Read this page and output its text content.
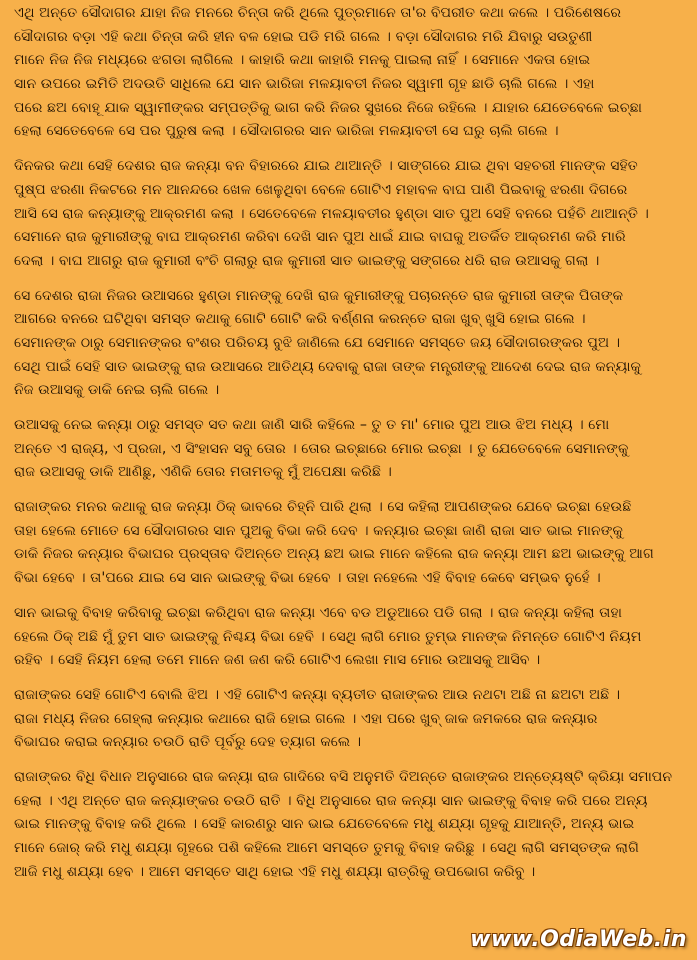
ଏଥି ଅନ୍ତେ ସୌଦାଗର ଯାହା ନିଜ ମନରେ ଚିନ୍ତା କରି ଥିଲେ ପୁତ୍ରମାନେ ତା'ର ବିପରୀତ କଥା କଲେ । ପରିଶେଷରେ

ସୌଦାଗର ବଡ଼ା ଏହି କଥା ଚିନ୍ତା କରି ହୀନ ବଳ ହୋଇ ପଡି ମରି ଗଲେ । ବଡ଼ା ସୌଦାଗର ମରି ଯିବାରୁ ସଉତୁଣୀ

ମାନେ ନିଜ ନିଜ ମଧ୍ୟରେ ଝଗଡା ଲାଗିଲେ । କାହାରି କଥା କାହାରି ମନକୁ ପାଇଲା ନାହିଁ । ସେମାନେ ଏକତା ହୋଇ

ସାନ ଉପରେ ଇମିତି ଅଦଉତି ସାଧିଲେ ଯେ ସାନ ଭାରିଜା ମଳୟାବତୀ ନିଜର ସ୍ୱାମୀ ଗୃହ ଛାଡି ଚାଲି ଗଲେ । ଏହା

ପରେ ଛଅ ବୋହୂ ଯାକ ସ୍ୱାମୀଙ୍କର ସମ୍ପତ୍ତିକୁ ଭାଗ କରି ନିଜର ସୁଖରେ ନିଜେ ରହିଲେ । ଯାହାର ଯେତେବେଳେ ଇଚ୍ଛା

ହେଲା ସେତେବେଳେ ସେ ପର ପୁରୁଷ କଲା । ସୌଦାଗରର ସାନ ଭାରିଜା ମଳୟାବତୀ ସେ ଘରୁ ଚାଲି ଗଲେ ।

ଦିନକର କଥା ସେହି ଦେଶର ରାଜ କନ୍ୟା ବନ ବିହାରରେ ଯାଇ ଥାଆନ୍ତି । ସାଙ୍ଗରେ ଯାଇ ଥିବା ସହଚରୀ ମାନଙ୍କ ସହିତ

ପୁଷ୍ପ ଝରଣା ନିକଟରେ ମନ ଆନନ୍ଦରେ ଖେଳ ଖେଳୁଥିବା ବେଳେ ଗୋଟିଏ ମହାବଳ ବାଘ ପାଣି ପିଇବାକୁ ଝରଣା ଦିଗରେ

ଆସି ସେ ରାଜ କନ୍ୟାଙ୍କୁ ଆକ୍ରମଣ କଲା । ସେତେବେଳେ ମଳୟାବତୀର ହୁଣ୍ଡା ସାତ ପୁଅ ସେହି ବନରେ ପହଁଚି ଥାଆନ୍ତି ।

ସେମାନେ ରାଜ କୁମାରୀଙ୍କୁ ବାଘ ଆକ୍ରମଣ କରିବା ଦେଖି ସାନ ପୁଅ ଧାଇଁ ଯାଇ ବାଘକୁ ଅତର୍କିତ ଆକ୍ରମଣ କରି ମାରି

ଦେଲା । ବାଘ ଆଗରୁ ରାଜ କୁମାରୀ ବଂଚି ଗଲାରୁ ରାଜ କୁମାରୀ ସାତ ଭାଇଙ୍କୁ ସଙ୍ଗରେ ଧରି ରାଜ ଉଆସକୁ ଗଲା ।

ସେ ଦେଶର ରାଜା ନିଜର ଉଆସରେ ହୁଣ୍ଡା ମାନଙ୍କୁ ଦେଖି ରାଜ କୁମାରୀଙ୍କୁ ପଚାରନ୍ତେ ରାଜ କୁମାରୀ ତାଙ୍କ ପିତାଙ୍କ

ଆଗରେ ବନରେ ଘଟିଥିବା ସମସ୍ତ କଥାକୁ ଗୋଟି ଗୋଟି କରି ବର୍ଣ୍ଣନା କରନ୍ତେ ରାଜା ଖୁବ୍ ଖୁସି ହୋଇ ଗଲେ ।

ସେମାନଙ୍କ ଠାରୁ ସେମାନଙ୍କର ବଂଶର ପରିଚୟ ବୁଝି ଜାଣିଲେ ଯେ ସେମାନେ ସମସ୍ତେ ଜୟ ସୌଦାଗରଙ୍କର ପୁଅ ।

ସେଥି ପାଇଁ ସେହି ସାତ ଭାଇଙ୍କୁ ରାଜ ଉଆସରେ ଆତିଥ୍ୟ ଦେବାକୁ ରାଜା ତାଙ୍କ ମନ୍ତ୍ରୀଙ୍କୁ ଆଦେଶ ଦେଇ ରାଜ କନ୍ୟାକୁ

ନିଜ ଉଆସକୁ ଡାକି ନେଇ ଚାଲି ଗଲେ ।

ଉଆସକୁ ନେଇ କନ୍ୟା ଠାରୁ ସମସ୍ତ ସତ କଥା ଜାଣି ସାରି କହିଲେ – ତୁ ତ ମା' ମୋର ପୁଅ ଆଉ ଝିଅ ମଧ୍ୟ । ମୋ

ଅନ୍ତେ ଏ ରାଜ୍ୟ, ଏ ପ୍ରଜା, ଏ ସିଂହାସନ ସବୁ ତୋର । ତୋର ଇଚ୍ଛାରେ ମୋର ଇଚ୍ଛା । ତୁ ଯେତେବେଳେ ସେମାନଙ୍କୁ

ରାଜ ଉଆସକୁ ଡାକି ଆଣିଛୁ, ଏଣିକି ତୋର ମତାମତକୁ ମୁଁ ଅପେକ୍ଷା କରିଛି ।

ରାଜାଙ୍କର ମନର କଥାକୁ ରାଜ କନ୍ୟା ଠିକ୍ ଭାବରେ ଚିହ୍ନି ପାରି ଥିଲା । ସେ କହିଲା ଆପଣଙ୍କର ଯେବେ ଇଚ୍ଛା ହେଉଛି

ତାହା ହେଲେ ମୋତେ ସେ ସୌଦାଗରର ସାନ ପୁଅକୁ ବିଭା କରି ଦେବ । କନ୍ୟାର ଇଚ୍ଛା ଜାଣି ରାଜା ସାତ ଭାଇ ମାନଙ୍କୁ

ଡାକି ନିଜର କନ୍ୟାର ବିଭାଘର ପ୍ରସ୍ତାବ ଦିଅନ୍ତେ ଅନ୍ୟ ଛଅ ଭାଇ ମାନେ କହିଲେ ରାଜ କନ୍ୟା ଆମ ଛଅ ଭାଇଙ୍କୁ ଆଗ

ବିଭା ହେବେ । ତା'ପରେ ଯାଇ ସେ ସାନ ଭାଇଙ୍କୁ ବିଭା ହେବେ । ତାହା ନହେଲେ ଏହି ବିବାହ କେବେ ସମ୍ଭବ ନୁହେଁ ।

ସାନ ଭାଇକୁ ବିବାହ କରିବାକୁ ଇଚ୍ଛା କରିଥିବା ରାଜ କନ୍ୟା ଏବେ ବଡ ଅଡୁଆରେ ପଡି ଗଲା । ରାଜ କନ୍ୟା କହିଲା ତାହା

ହେଲେ ଠିକ୍ ଅଛି ମୁଁ ତୁମ ସାତ ଭାଇଙ୍କୁ ନିଶ୍ଚୟ ବିଭା ହେବି । ସେଥି ଲାଗି ମୋର ତୁମ୍ଭ ମାନଙ୍କ ନିମନ୍ତେ ଗୋଟିଏ ନିୟମ

ରହିବ । ସେହି ନିୟମ ହେଲା ତମେ ମାନେ ଜଣ ଜଣ କରି ଗୋଟିଏ ଲେଖା ମାସ ମୋର ଉଆସକୁ ଆସିବ ।

ରାଜାଙ୍କର ସେହି ଗୋଟିଏ ବୋଲି ଝିଅ । ଏହି ଗୋଟିଏ କନ୍ୟା ବ୍ୟତୀତ ରାଜାଙ୍କର ଆଉ ନଥଟା ଅଛି ନା ଛଅଟା ଅଛି ।

ରାଜା ମଧ୍ୟ ନିଜର ଗେହ୍ଲା କନ୍ୟାର କଥାରେ ରାଜି ହୋଇ ଗଲେ । ଏହା ପରେ ଖୁବ୍ ଜାକ ଜମକରେ ରାଜ କନ୍ୟାର

ବିଭାଘର କରାଇ କନ୍ୟାର ଚଉଠି ରାତି ପୂର୍ବରୁ ଦେହ ତ୍ୟାଗ କଲେ ।

ରାଜାଙ୍କର ବିଧି ବିଧାନ ଅନୁସାରେ ରାଜ କନ୍ୟା ରାଜ ଗାଦିରେ ବସି ଅନୁମତି ଦିଅନ୍ତେ ରାଜାଙ୍କର ଅନ୍ତ୍ୟେଷ୍ଟି କ୍ରିୟା ସମାପନ

ହେଲା । ଏଥି ଅନ୍ତେ ରାଜ କନ୍ୟାଙ୍କର ଚଉଠି ରାତି । ବିଧି ଅନୁସାରେ ରାଜ କନ୍ୟା ସାନ ଭାଇଙ୍କୁ ବିବାହ କରି ପରେ ଅନ୍ୟ

ଭାଇ ମାନଙ୍କୁ ବିବାହ କରି ଥିଲେ । ସେହି କାରଣରୁ ସାନ ଭାଇ ଯେତେବେଳେ ମଧୁ ଶଯ୍ୟା ଗୃହକୁ ଯାଆନ୍ତି, ଅନ୍ୟ ଭାଇ

ମାନେ ଜୋର୍ କରି ମଧୁ ଶଯ୍ୟା ଗୃହରେ ପଶି କହିଲେ ଆମେ ସମସ୍ତେ ତୁମକୁ ବିବାହ କରିଛୁ । ସେଥି ଲାଗି ସମସ୍ତଙ୍କ ଲାଗି

ଆଜି ମଧୁ ଶଯ୍ୟା ହେବ । ଆମେ ସମସ୍ତେ ସାଥି ହୋଇ ଏହି ମଧୁ ଶଯ୍ୟା ରାତ୍ରିକୁ ଉପଭୋଗ କରିବୁ ।

www.OdiaWeb.in
